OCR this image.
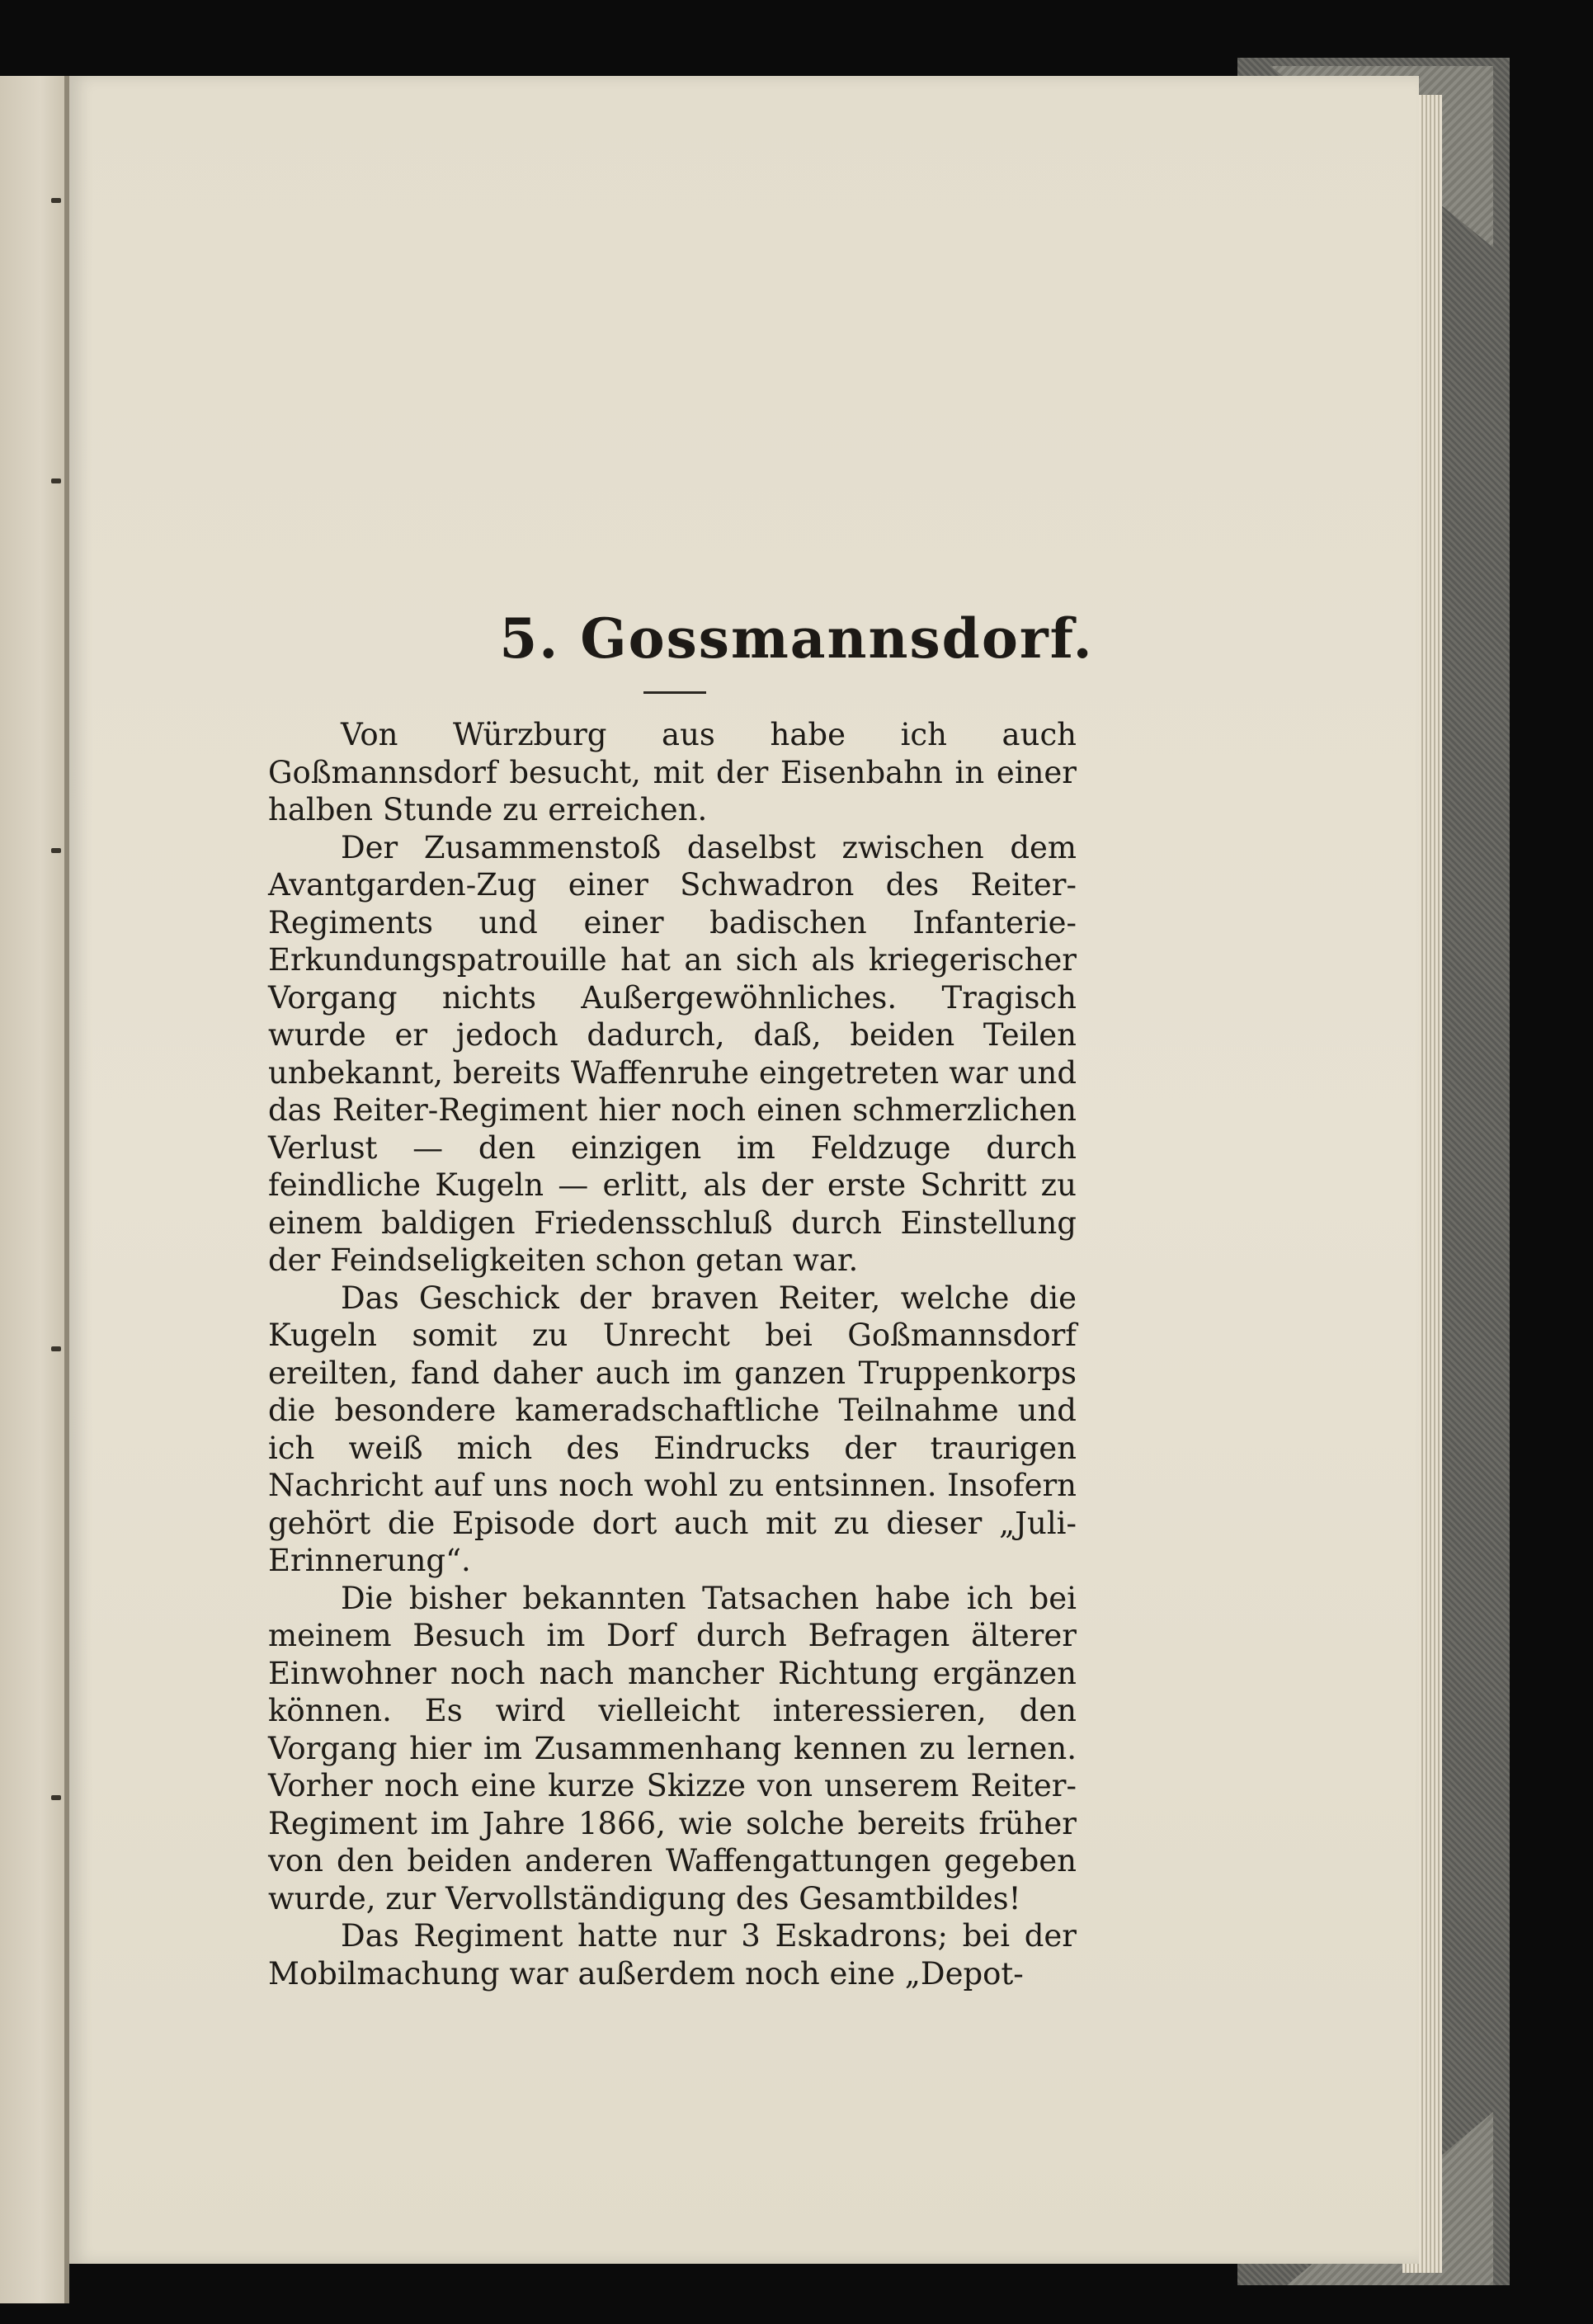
5. Gossmannsdorf.

Von Würzburg aus habe ich auch Goßmannsdorf besucht, mit der Eisenbahn in einer halben Stunde zu erreichen.

Der Zusammenstoß daselbst zwischen dem Avantgarden-Zug einer Schwadron des Reiter-Regiments und einer badischen Infanterie-Erkundungspatrouille hat an sich als kriegerischer Vorgang nichts Außergewöhnliches. Tragisch wurde er jedoch dadurch, daß, beiden Teilen unbekannt, bereits Waffenruhe eingetreten war und das Reiter-Regiment hier noch einen schmerzlichen Verlust — den einzigen im Feldzuge durch feindliche Kugeln — erlitt, als der erste Schritt zu einem baldigen Friedensschluß durch Einstellung der Feindseligkeiten schon getan war.

Das Geschick der braven Reiter, welche die Kugeln somit zu Unrecht bei Goßmannsdorf ereilten, fand daher auch im ganzen Truppenkorps die besondere kameradschaftliche Teilnahme und ich weiß mich des Eindrucks der traurigen Nachricht auf uns noch wohl zu entsinnen. Insofern gehört die Episode dort auch mit zu dieser „Juli-Erinnerung“.

Die bisher bekannten Tatsachen habe ich bei meinem Besuch im Dorf durch Befragen älterer Einwohner noch nach mancher Richtung ergänzen können. Es wird vielleicht interessieren, den Vorgang hier im Zusammenhang kennen zu lernen. Vorher noch eine kurze Skizze von unserem Reiter-Regiment im Jahre 1866, wie solche bereits früher von den beiden anderen Waffengattungen gegeben wurde, zur Vervollständigung des Gesamtbildes!

Das Regiment hatte nur 3 Eskadrons; bei der Mobilmachung war außerdem noch eine „Depot-
